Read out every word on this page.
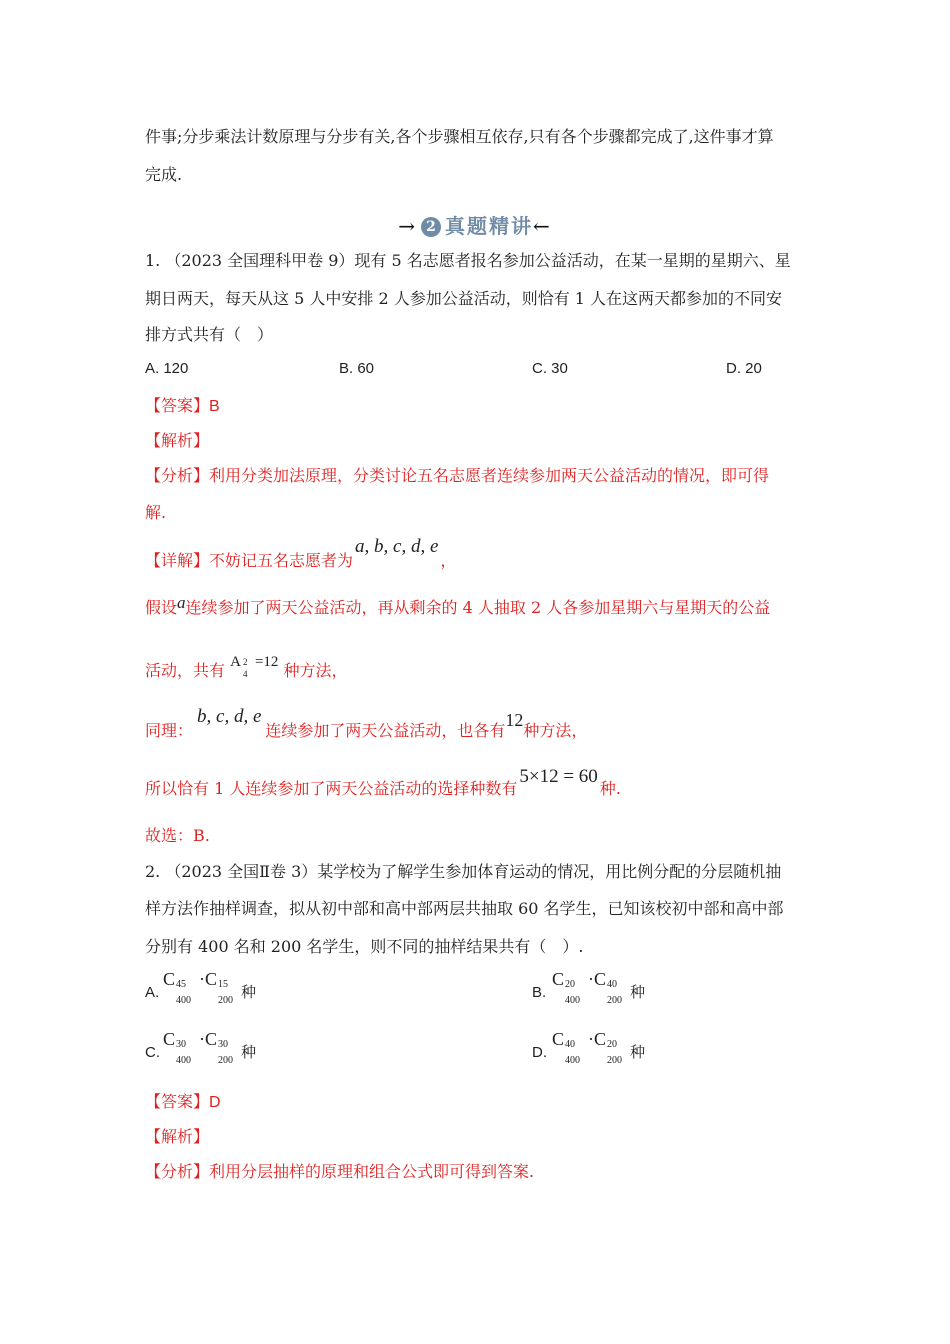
件事;分步乘法计数原理与分步有关,各个步骤相互依存,只有各个步骤都完成了,这件事才算
完成.
→ 2 真题精讲←
1. （2023 全国理科甲卷 9）现有 5 名志愿者报名参加公益活动，在某一星期的星期六、星
期日两天，每天从这 5 人中安排 2 人参加公益活动，则恰有 1 人在这两天都参加的不同安
排方式共有（　）
A. 120	B. 60	C. 30	D. 20
【答案】B
【解析】
【分析】利用分类加法原理，分类讨论五名志愿者连续参加两天公益活动的情况，即可得
解.
【详解】不妨记五名志愿者为a, b, c, d, e，
假设a连续参加了两天公益活动，再从剩余的 4 人抽取 2 人各参加星期六与星期天的公益
活动，共有 A 2
4
=12 种方法，
同理：b, c, d, e连续参加了两天公益活动，也各有12种方法，
所以恰有 1 人连续参加了两天公益活动的选择种数有5×12 = 60种.
故选：B.
2. （2023 全国Ⅱ卷 3）某学校为了解学生参加体育运动的情况，用比例分配的分层随机抽
样方法作抽样调查，拟从初中部和高中部两层共抽取 60 名学生，已知该校初中部和高中部
分别有 400 名和 200 名学生，则不同的抽样结果共有（　）.
A.
C 45
400
·C 15
200 $_种$	B.
C 20
400
·C 40
200 $_种$
C.
C 30
400
·C 30
200 $_种$	D.
C 40
400
·C 20
200 $_种$
【答案】D
【解析】
【分析】利用分层抽样的原理和组合公式即可得到答案.
